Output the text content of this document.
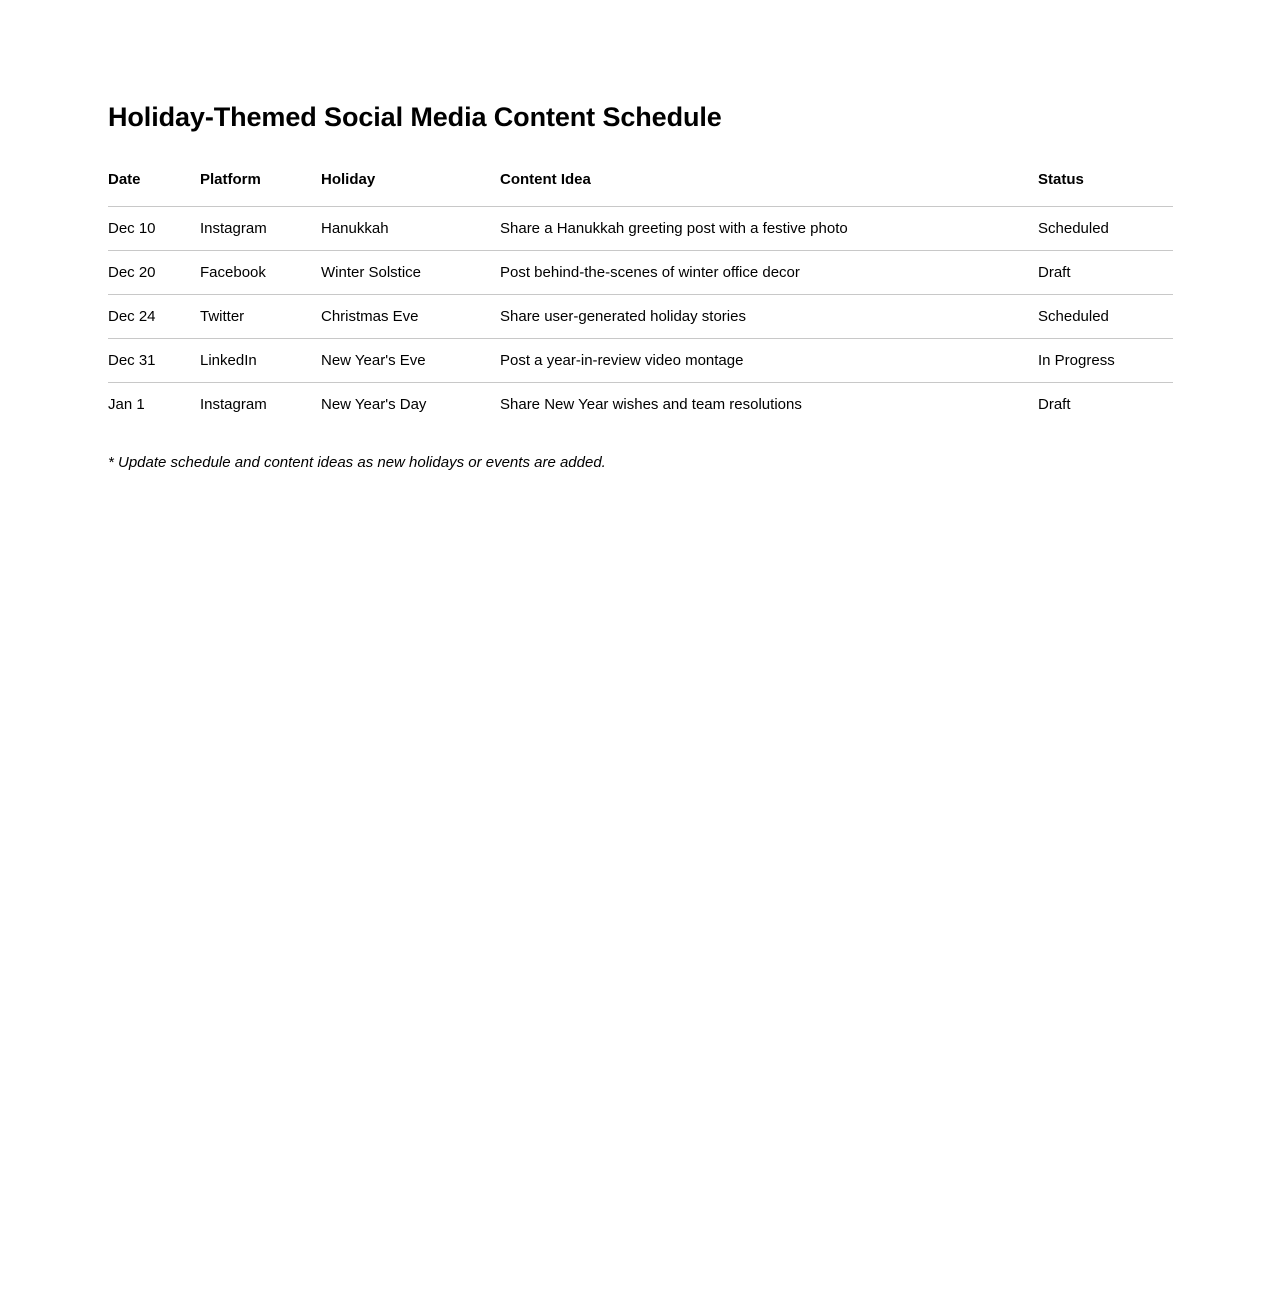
Holiday-Themed Social Media Content Schedule
Date	Platform	Holiday	Content Idea	Status
Dec 10	Instagram	Hanukkah	Share a Hanukkah greeting post with a festive photo	Scheduled
Dec 20	Facebook	Winter Solstice	Post behind-the-scenes of winter office decor	Draft
Dec 24	Twitter	Christmas Eve	Share user-generated holiday stories	Scheduled
Dec 31	LinkedIn	New Year's Eve	Post a year-in-review video montage	In Progress
Jan 1	Instagram	New Year's Day	Share New Year wishes and team resolutions	Draft

* Update schedule and content ideas as new holidays or events are added.
